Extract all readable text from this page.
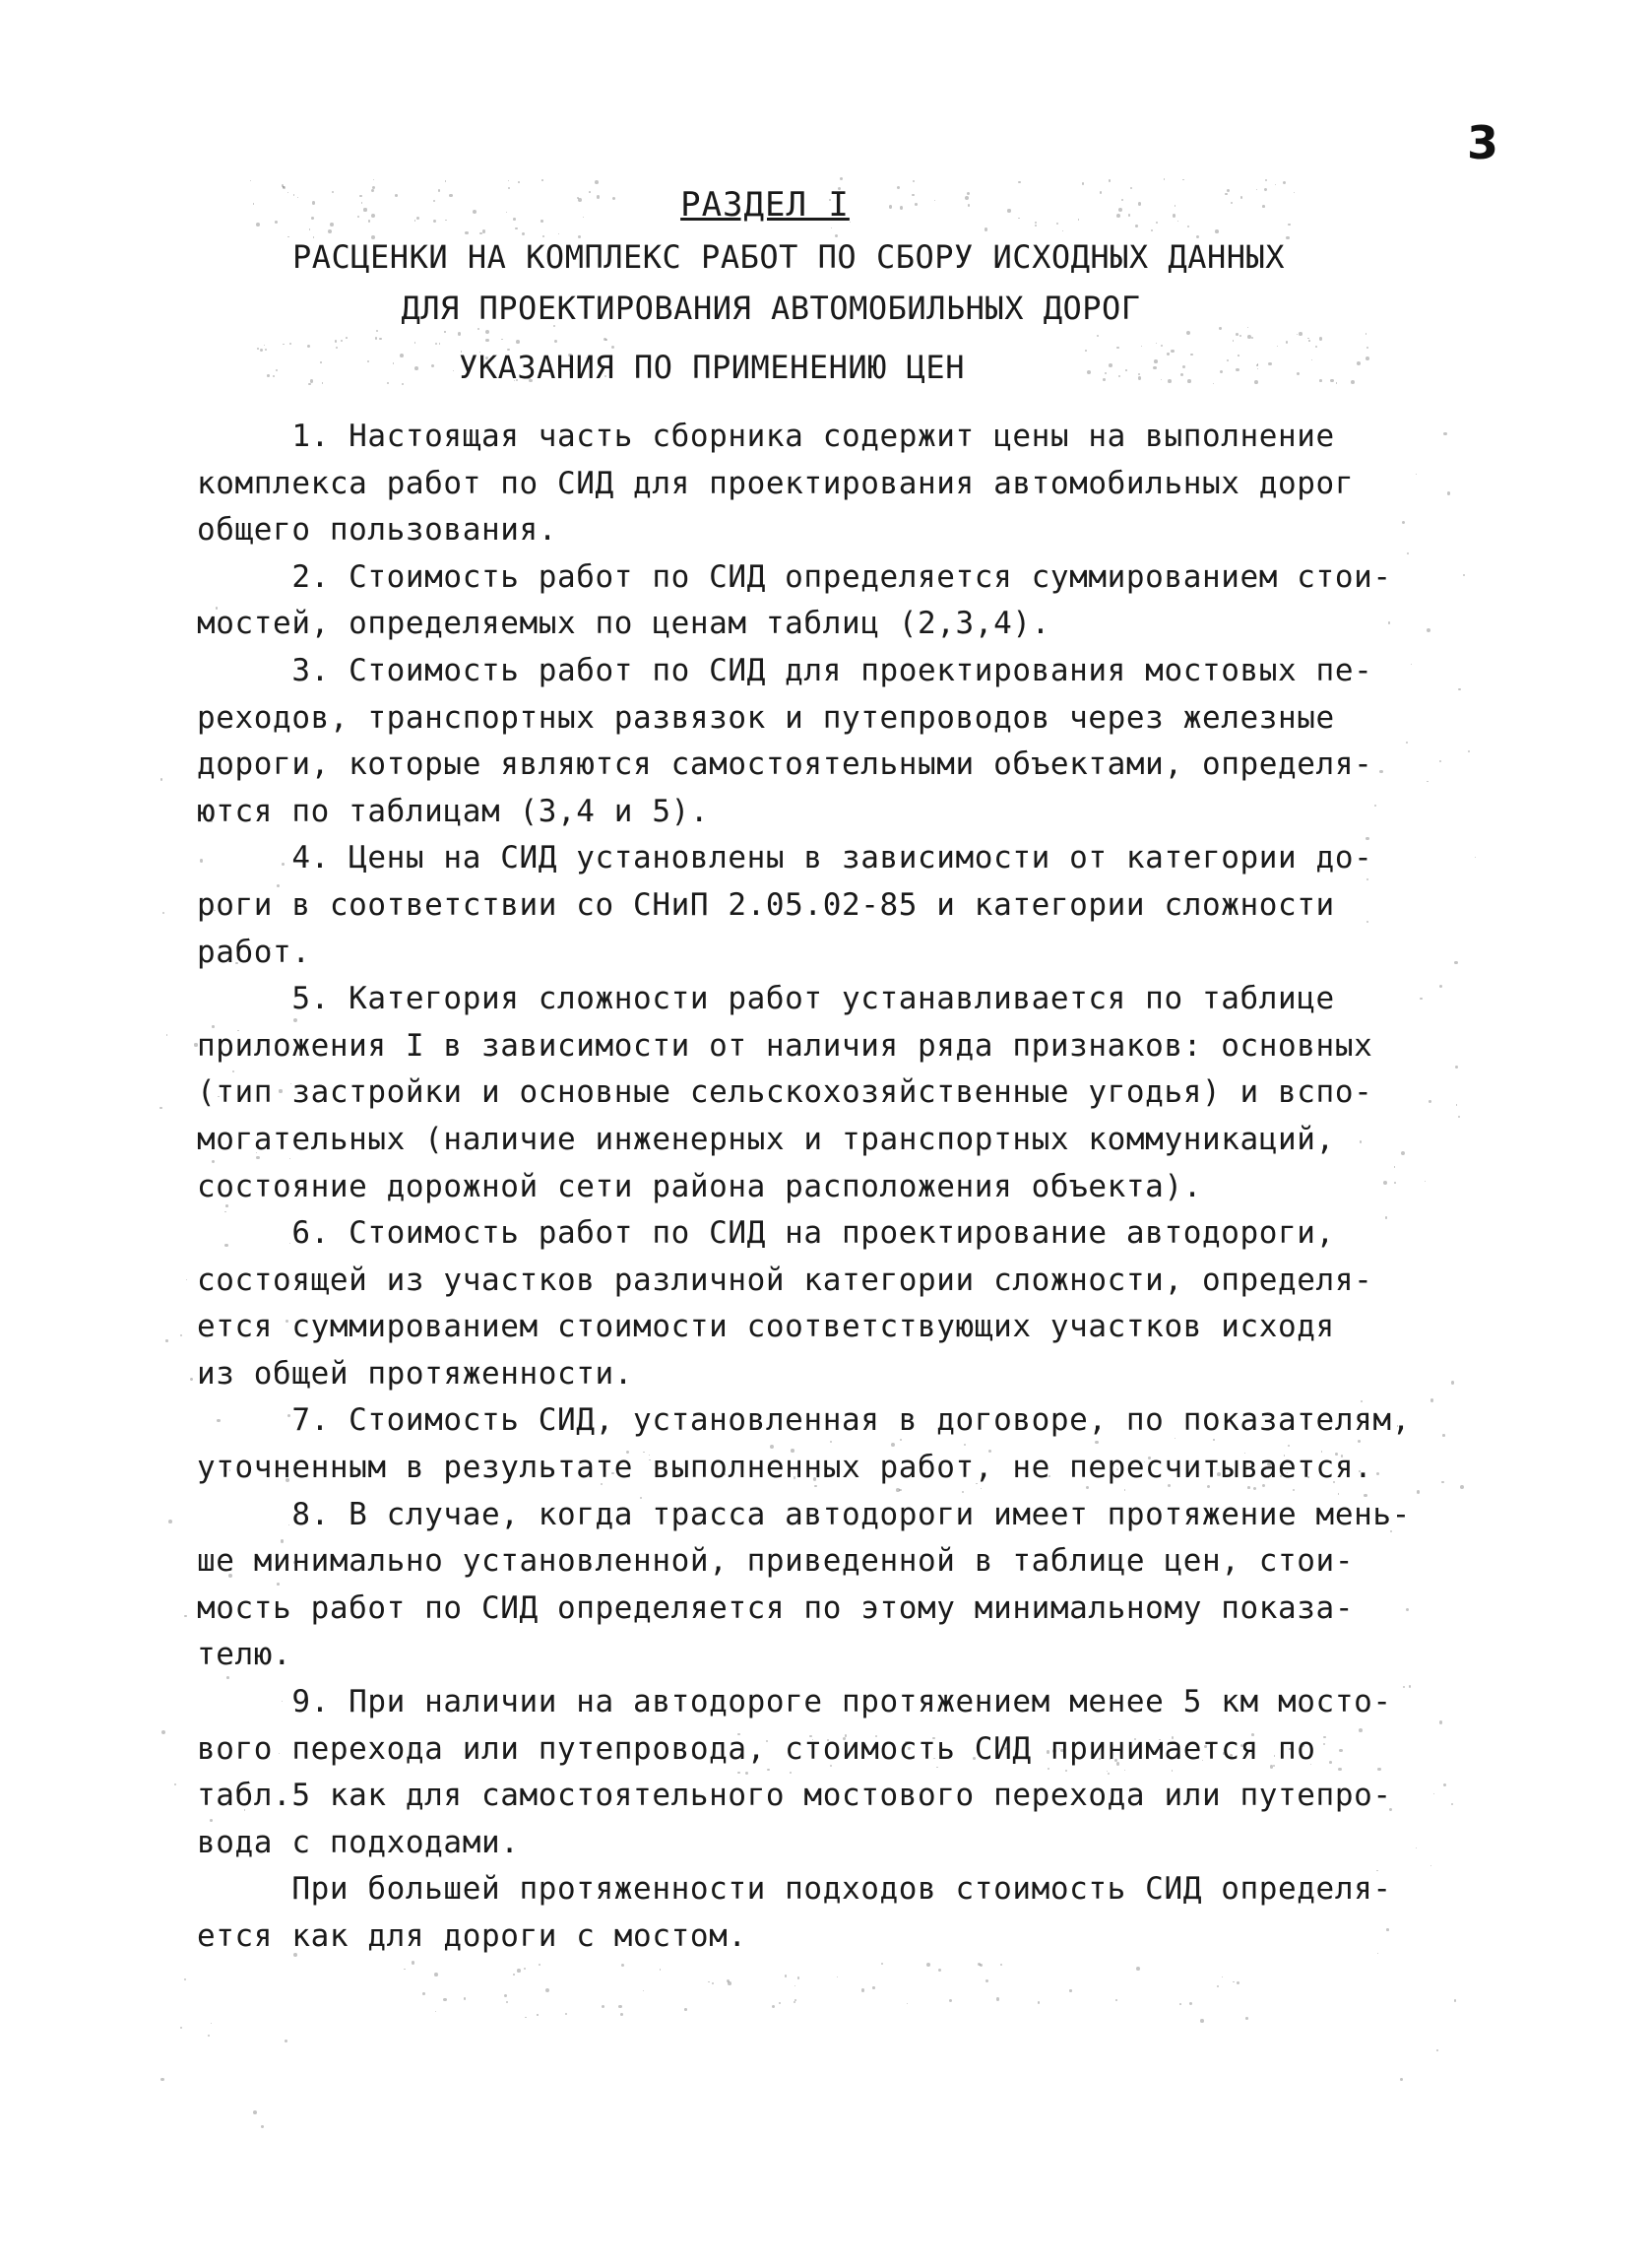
3
РАЗДЕЛ I
РАСЦЕНКИ НА КОМПЛЕКС РАБОТ ПО СБОРУ ИСХОДНЫХ ДАННЫХ
ДЛЯ ПРОЕКТИРОВАНИЯ АВТОМОБИЛЬНЫХ ДОРОГ
УКАЗАНИЯ ПО ПРИМЕНЕНИЮ ЦЕН
1. Настоящая часть сборника содержит цены на выполнение
комплекса работ по СИД для проектирования автомобильных дорог
общего пользования.
2. Стоимость работ по СИД определяется суммированием стои-
мостей, определяемых по ценам таблиц (2,3,4).
3. Стоимость работ по СИД для проектирования мостовых пе-
реходов, транспортных развязок и путепроводов через железные
дороги, которые являются самостоятельными объектами, определя-
ются по таблицам (3,4 и 5).
4. Цены на СИД установлены в зависимости от категории до-
роги в соответствии со СНиП 2.05.02-85 и категории сложности
работ.
5. Категория сложности работ устанавливается по таблице
приложения I в зависимости от наличия ряда признаков: основных
(тип застройки и основные сельскохозяйственные угодья) и вспо-
могательных (наличие инженерных и транспортных коммуникаций,
состояние дорожной сети района расположения объекта).
6. Стоимость работ по СИД на проектирование автодороги,
состоящей из участков различной категории сложности, определя-
ется суммированием стоимости соответствующих участков исходя
из общей протяженности.
7. Стоимость СИД, установленная в договоре, по показателям,
уточненным в результате выполненных работ, не пересчитывается.
8. В случае, когда трасса автодороги имеет протяжение мень-
ше минимально установленной, приведенной в таблице цен, стои-
мость работ по СИД определяется по этому минимальному показа-
телю.
9. При наличии на автодороге протяжением менее 5 км мосто-
вого перехода или путепровода, стоимость СИД принимается по
табл.5 как для самостоятельного мостового перехода или путепро-
вода с подходами.
При большей протяженности подходов стоимость СИД определя-
ется как для дороги с мостом.
